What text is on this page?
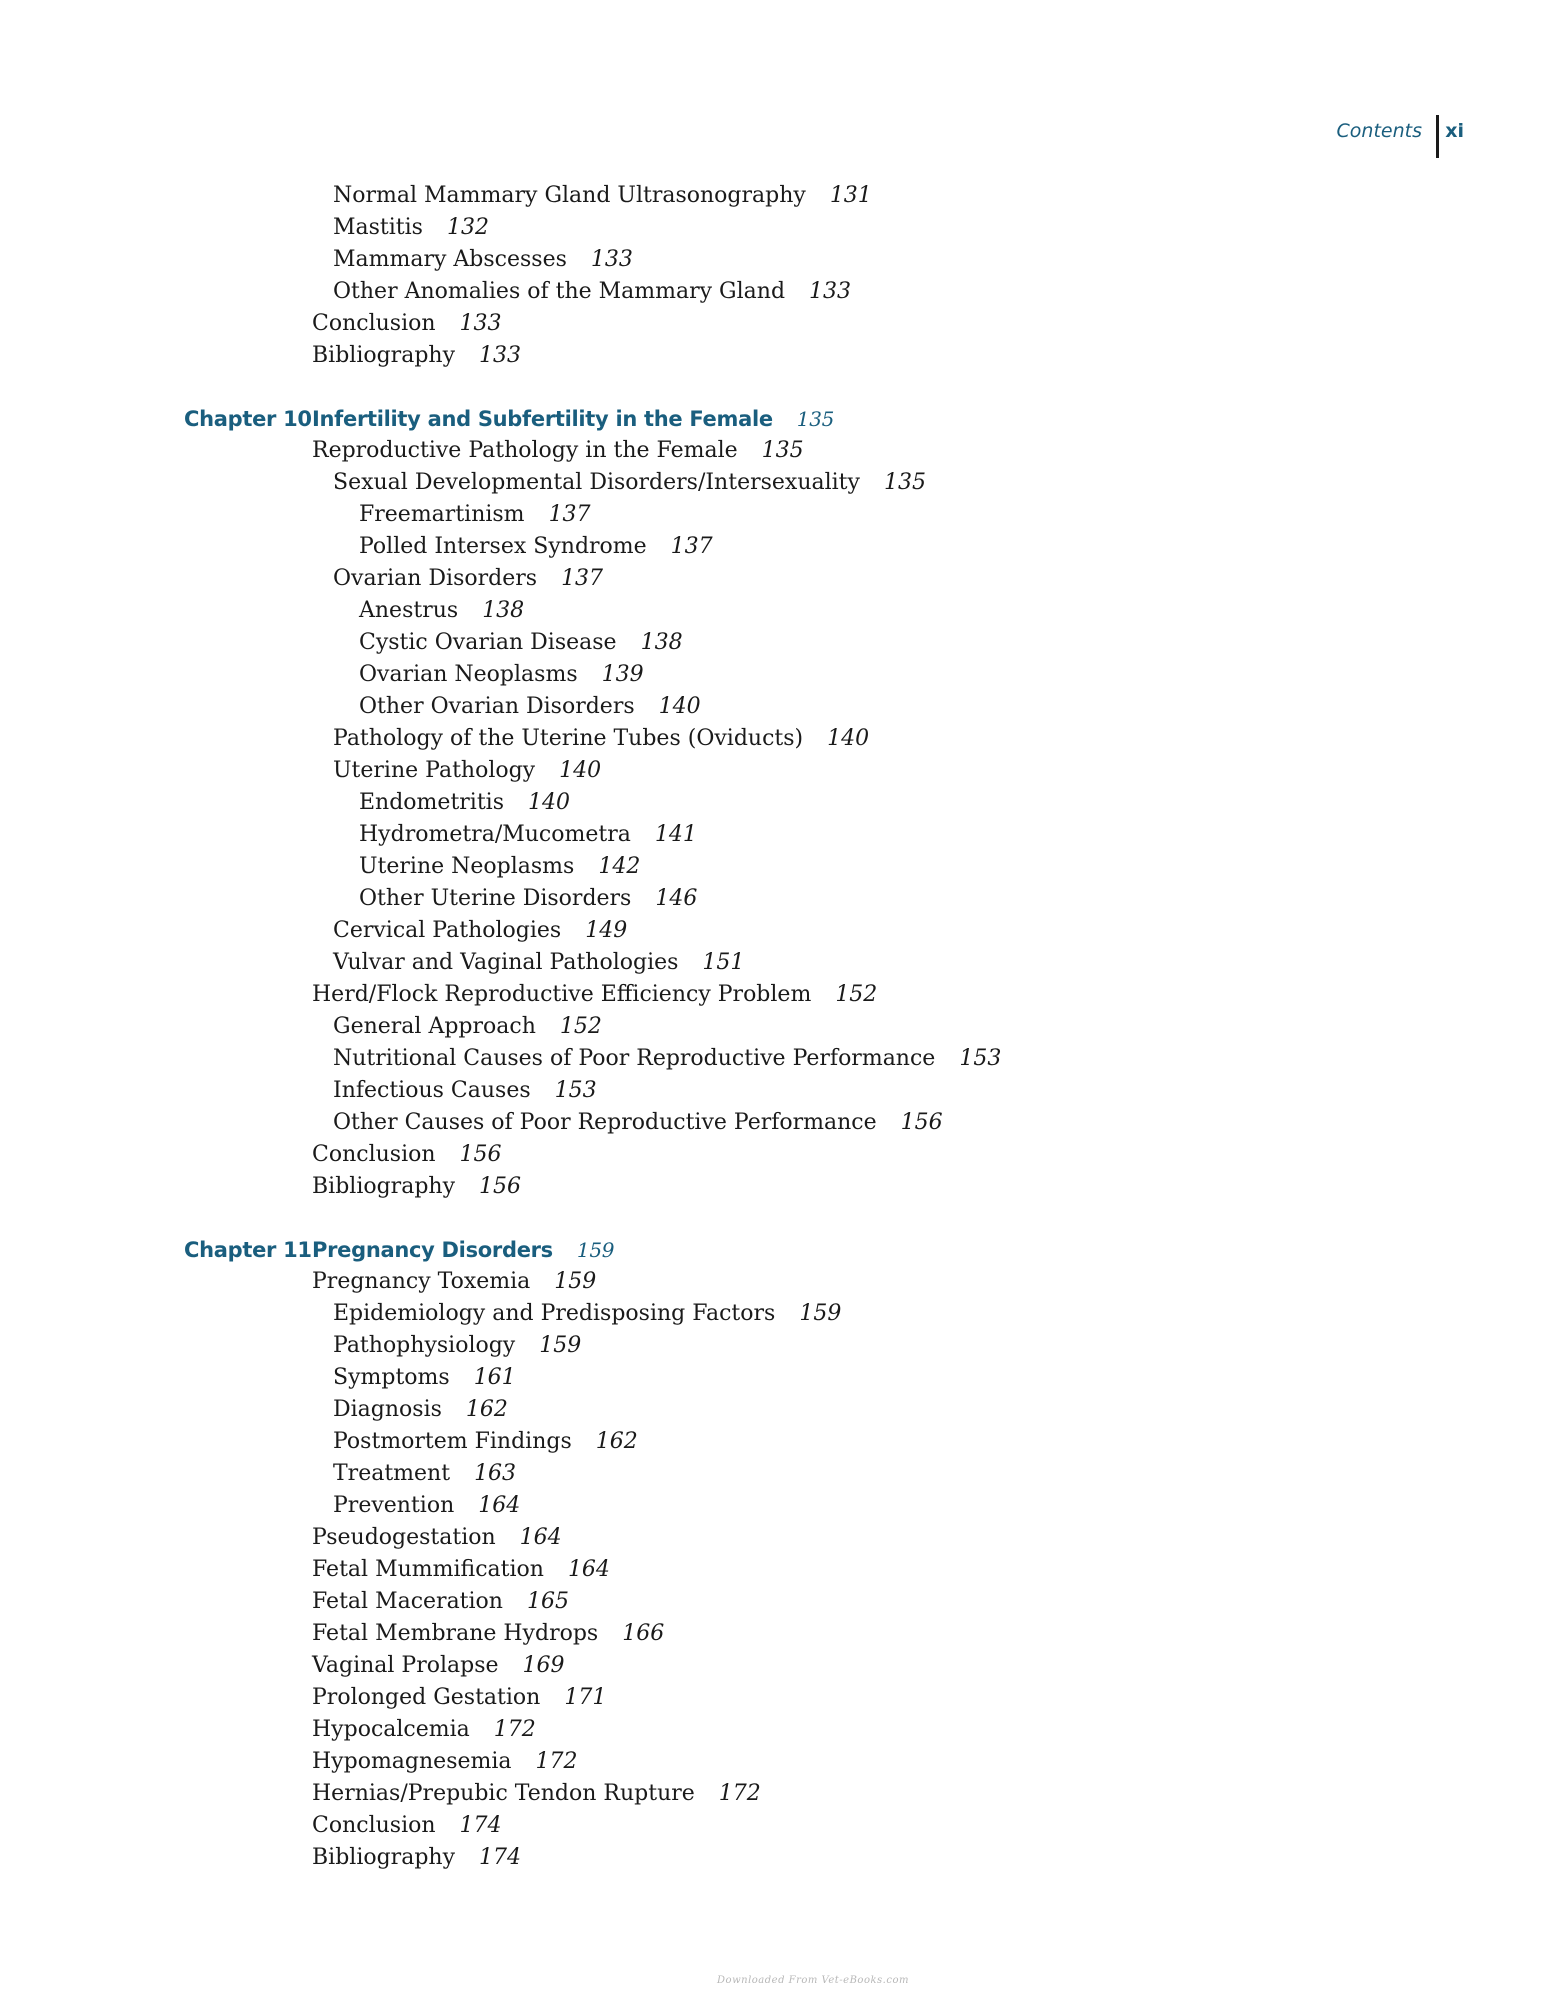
Contents xi
Normal Mammary Gland Ultrasonography 131
Mastitis 132
Mammary Abscesses 133
Other Anomalies of the Mammary Gland 133
Conclusion 133
Bibliography 133
Chapter 10 Infertility and Subfertility in the Female 135
Reproductive Pathology in the Female 135
Sexual Developmental Disorders/Intersexuality 135
Freemartinism 137
Polled Intersex Syndrome 137
Ovarian Disorders 137
Anestrus 138
Cystic Ovarian Disease 138
Ovarian Neoplasms 139
Other Ovarian Disorders 140
Pathology of the Uterine Tubes (Oviducts) 140
Uterine Pathology 140
Endometritis 140
Hydrometra/Mucometra 141
Uterine Neoplasms 142
Other Uterine Disorders 146
Cervical Pathologies 149
Vulvar and Vaginal Pathologies 151
Herd/Flock Reproductive Efficiency Problem 152
General Approach 152
Nutritional Causes of Poor Reproductive Performance 153
Infectious Causes 153
Other Causes of Poor Reproductive Performance 156
Conclusion 156
Bibliography 156
Chapter 11 Pregnancy Disorders 159
Pregnancy Toxemia 159
Epidemiology and Predisposing Factors 159
Pathophysiology 159
Symptoms 161
Diagnosis 162
Postmortem Findings 162
Treatment 163
Prevention 164
Pseudogestation 164
Fetal Mummification 164
Fetal Maceration 165
Fetal Membrane Hydrops 166
Vaginal Prolapse 169
Prolonged Gestation 171
Hypocalcemia 172
Hypomagnesemia 172
Hernias/Prepubic Tendon Rupture 172
Conclusion 174
Bibliography 174
Downloaded From Vet-eBooks.com
